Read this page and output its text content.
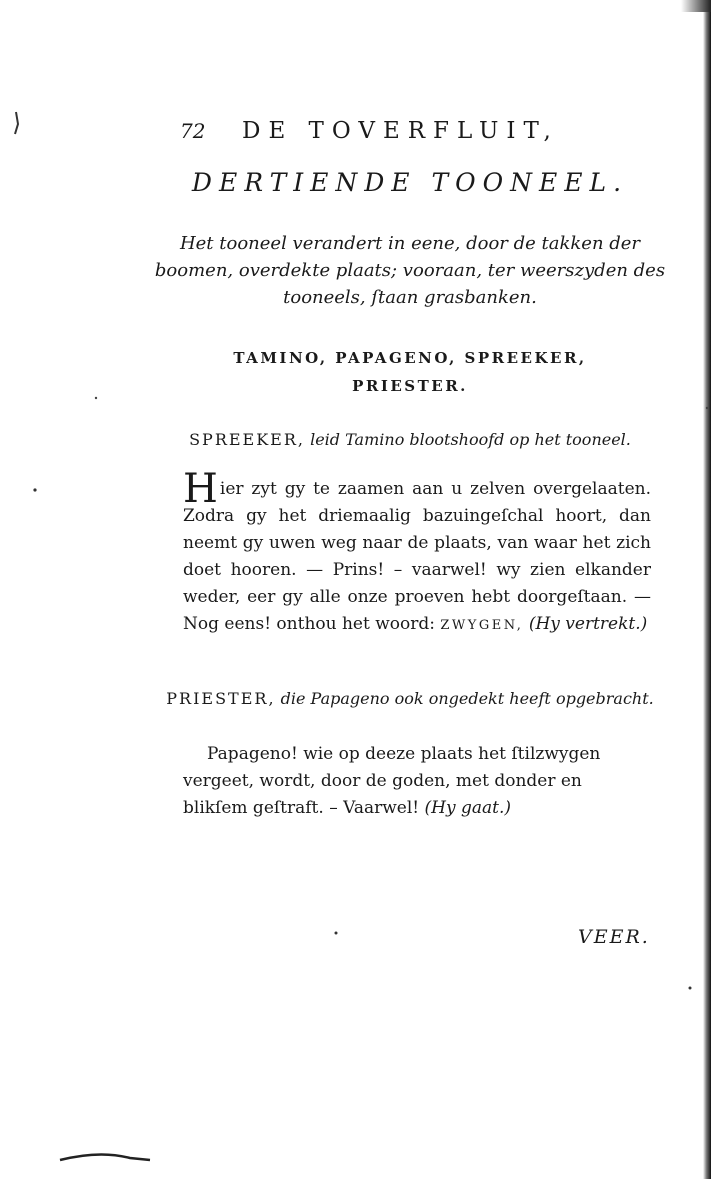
72	DE TOVERFLUIT,
DERTIENDE TOONEEL.
Het tooneel verandert in eene, door de takken der boomen, overdekte plaats; vooraan, ter weerszyden des tooneels, ſtaan grasbanken.
TAMINO, PAPAGENO, SPREEKER,
PRIESTER.
SPREEKER, leid Tamino blootshoofd op het tooneel.
Hier zyt gy te zaamen aan u zelven overgelaaten. Zodra gy het driemaalig bazuingeſchal hoort, dan neemt gy uwen weg naar de plaats, van waar het zich doet hooren. — Prins! – vaarwel! wy zien elkander weder, eer gy alle onze proeven hebt doorgeſtaan. — Nog eens! onthou het woord: ZWYGEN, (Hy vertrekt.)
PRIESTER, die Papageno ook ongedekt heeft opgebracht.
Papageno! wie op deeze plaats het ſtilzwygen vergeet, wordt, door de goden, met donder en blikſem geſtraft. – Vaarwel! (Hy gaat.)
VEER.
